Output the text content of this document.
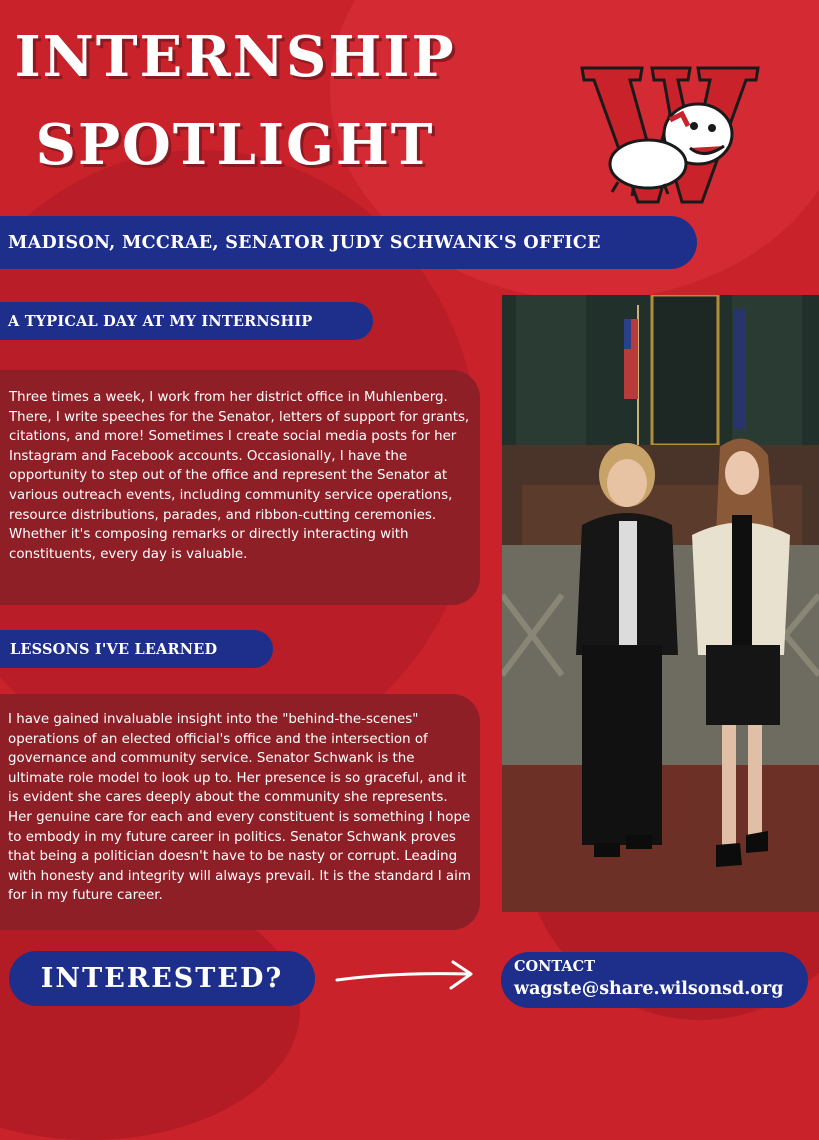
INTERNSHIP
SPOTLIGHT
MADISON, MCCRAE, SENATOR JUDY SCHWANK'S OFFICE
A TYPICAL DAY AT MY INTERNSHIP
Three times a week, I work from her district office in Muhlenberg. There, I write speeches for the Senator, letters of support for grants, citations, and more! Sometimes I create social media posts for her Instagram and Facebook accounts. Occasionally, I have the opportunity to step out of the office and represent the Senator at various outreach events, including community service operations, resource distributions, parades, and ribbon-cutting ceremonies. Whether it's composing remarks or directly interacting with constituents, every day is valuable.
LESSONS I'VE LEARNED
I have gained invaluable insight into the "behind-the-scenes" operations of an elected official's office and the intersection of governance and community service. Senator Schwank is the ultimate role model to look up to. Her presence is so graceful, and it is evident she cares deeply about the community she represents. Her genuine care for each and every constituent is something I hope to embody in my future career in politics. Senator Schwank proves that being a politician doesn't have to be nasty or corrupt. Leading with honesty and integrity will always prevail. It is the standard I aim for in my future career.
INTERESTED?	CONTACT
wagste@share.wilsonsd.org
